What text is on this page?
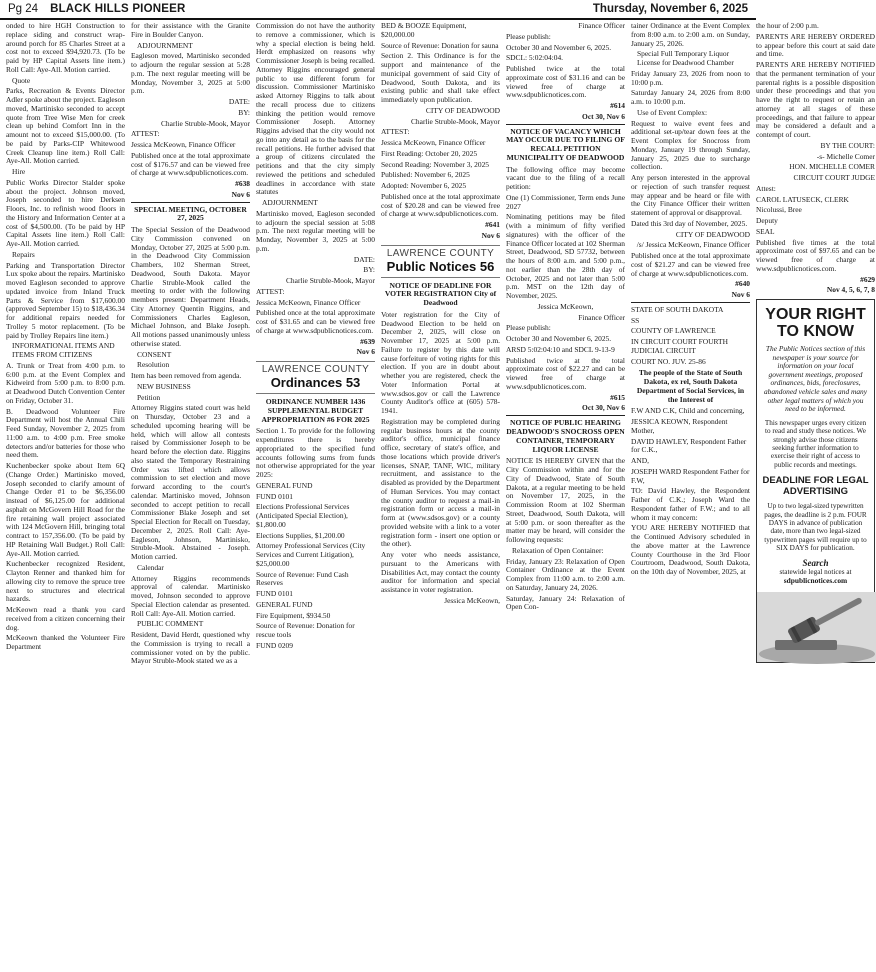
Pg 24 BLACK HILLS PIONEER	Thursday, November 6, 2025

onded to hire HGH Construction to replace siding and construct wrap-around porch for 85 Charles Street at a cost not to exceed $94,920.73. (To be paid by HP Capital Assets line item.) Roll Call: Aye-All. Motion carried.

Quote

Parks, Recreation & Events Director Adler spoke about the project. Eagleson moved, Martinisko seconded to accept quote from Tree Wise Men for creek clean up behind Comfort Inn in the amount not to exceed $15,000.00. (To be paid by Parks-CIP Whitewood Creek Cleanup line item.) Roll Call: Aye-All. Motion carried.

Hire

Public Works Director Stalder spoke about the project. Johnson moved, Joseph seconded to hire Derksen Floors, Inc. to refinish wood floors in the History and Information Center at a cost of $4,500.00. (To be paid by HP Capital Assets line item.) Roll Call: Aye-All. Motion carried.

Repairs

Parking and Transportation Director Lux spoke about the repairs. Martinisko moved Eagleson seconded to approve updated invoice from Inland Truck Parts & Service from $17,600.00 (approved September 15) to $18,436.34 for additional repairs needed for Trolley 5 motor replacement. (To be paid by Trolley Repairs line item.)

INFORMATIONAL ITEMS AND ITEMS FROM CITIZENS

A. Trunk or Treat from 4:00 p.m. to 6:00 p.m. at the Event Complex and Kidweird from 5:00 p.m. to 8:00 p.m. at Deadwood Dutch Convention Center on Friday, October 31.

B. Deadwood Volunteer Fire Department will host the Annual Chili Feed Sunday, November 2, 2025 from 11:00 a.m. to 4:00 p.m. Free smoke detectors and/or batteries for those who need them.

Kuchenbecker spoke about Item 6Q (Change Order.) Martinisko moved, Joseph seconded to clarify amount of Change Order #1 to be $6,356.00 instead of $6,125.00 for additional asphalt on McGovern Hill Road for the fire retaining wall project associated with 124 McGovern Hill, bringing total contract to 157,356.00. (To be paid by HP Retaining Wall Budget.) Roll Call: Aye-All. Motion carried.

Kuchenbecker recognized Resident, Clayton Renner and thanked him for allowing city to remove the spruce tree next to structures and electrical hazards.

McKeown read a thank you card received from a citizen concerning their dog.

McKeown thanked the Volunteer Fire Department

for their assistance with the Granite Fire in Boulder Canyon.

ADJOURNMENT

Eagleson moved, Martinisko seconded to adjourn the regular session at 5:28 p.m. The next regular meeting will be Monday, November 3, 2025 at 5:00 p.m.

DATE:

BY:

Charlie Struble-Mook, Mayor

ATTEST:

Jessica McKeown, Finance Officer

Published once at the total approximate cost of $176.57 and can be viewed free of charge at www.sdpublicnotices.com.

#638

Nov 6

SPECIAL MEETING, OCTOBER 27, 2025

The Special Session of the Deadwood City Commission convened on Monday, October 27, 2025 at 5:00 p.m. in the Deadwood City Commission Chambers, 102 Sherman Street, Deadwood, South Dakota. Mayor Charlie Struble-Mook called the meeting to order with the following members present: Department Heads, City Attorney Quentin Riggins, and Commissioners Charles Eagleson, Michael Johnson, and Blake Joseph. All motions passed unanimously unless otherwise stated.

CONSENT

Resolution

Item has been removed from agenda.

NEW BUSINESS

Petition

Attorney Riggins stated court was held on Thursday, October 23 and a scheduled upcoming hearing will be held, which will allow all contests raised by Commissioner Joseph to be heard before the election date. Riggins also stated the Temporary Restraining Order was lifted which allows commission to set election and move forward according to the court's calendar. Martinisko moved, Johnson seconded to accept petition to recall Commissioner Blake Joseph and set Special Election for Recall on Tuesday, December 2, 2025. Roll Call: Aye-Eagleson, Johnson, Martinisko, Struble-Mook. Abstained - Joseph. Motion carried.

Calendar

Attorney Riggins recommends approval of calendar. Martinisko moved, Johnson seconded to approve Special Election calendar as presented. Roll Call: Aye-All. Motion carried.

PUBLIC COMMENT

Resident, David Herdt, questioned why the Commission is trying to recall a commissioner voted on by the public. Mayor Struble-Mook stated we as a

Commission do not have the authority to remove a commissioner, which is why a special election is being held. Herdt emphasized on reasons why Commissioner Joseph is being recalled. Attorney Riggins encouraged general public to use different forum for discussion. Commissioner Martinisko asked Attorney Riggins to talk about the recall process due to citizens thinking the petition would remove Commissioner Joseph. Attorney Riggins advised that the city would not go into any detail as to the basis for the recall petitions. He further advised that a group of citizens circulated the petitions and that the city simply reviewed the petitions and scheduled deadlines in accordance with state statutes

ADJOURNMENT

Martinisko moved, Eagleson seconded to adjourn the special session at 5:08 p.m. The next regular meeting will be Monday, November 3, 2025 at 5:00 p.m.

DATE:

BY:

Charlie Struble-Mook, Mayor

ATTEST:

Jessica McKeown, Finance Officer

Published once at the total approximate cost of $31.65 and can be viewed free of charge at www.sdpublicnotices.com.

#639

Nov 6

LAWRENCE COUNTY
Ordinances 53

ORDINANCE NUMBER 1436 SUPPLEMENTAL BUDGET APPROPRIATION #6 FOR 2025

Section 1. To provide for the following expenditures there is hereby appropriated to the specified fund accounts following sums from funds not otherwise appropriated for the year 2025:

GENERAL FUND

FUND 0101

Elections Professional Services (Anticipated Special Election), $1,800.00

Elections Supplies, $1,200.00

Attorney Professional Services (City Services and Current Litigation), $25,000.00

Source of Revenue: Fund Cash Reserves

FUND 0101

GENERAL FUND

Fire Equipment, $934.50

Source of Revenue: Donation for rescue tools

FUND 0209

BED & BOOZE Equipment, $20,000.00

Source of Revenue: Donation for sauna

Section 2. This Ordinance is for the support and maintenance of the municipal government of said City of Deadwood, South Dakota, and its existing public and shall take effect immediately upon publication.

CITY OF DEADWOOD

Charlie Struble-Mook, Mayor

ATTEST:

Jessica McKeown, Finance Officer

First Reading: October 20, 2025

Second Reading: November 3, 2025

Published: November 6, 2025

Adopted: November 6, 2025

Published once at the total approximate cost of $20.28 and can be viewed free of charge at www.sdpublicnotices.com.

#641

Nov 6

LAWRENCE COUNTY
Public Notices 56

NOTICE OF DEADLINE FOR VOTER REGISTRATION City of Deadwood

Voter registration for the City of Deadwood Election to be held on December 2, 2025, will close on November 17, 2025 at 5:00 p.m. Failure to register by this date will cause forfeiture of voting rights for this election. If you are in doubt about whether you are registered, check the Voter Information Portal at www.sdsos.gov or call the Lawrence County Auditor's office at (605) 578-1941.

Registration may be completed during regular business hours at the county auditor's office, municipal finance office, secretary of state's office, and those locations which provide driver's licenses, SNAP, TANF, WIC, military recruitment, and assistance to the disabled as provided by the Department of Human Services. You may contact the county auditor to request a mail-in registration form or access a mail-in form at (www.sdsos.gov) or a county provided website with a link to a voter registration form - insert one option or the other).

Any voter who needs assistance, pursuant to the Americans with Disabilities Act, may contact the county auditor for information and special assistance in voter registration.

Jessica McKeown,

Finance Officer

Please publish:

October 30 and November 6, 2025.

SDCL: 5:02:04:04.

Published twice at the total approximate cost of $31.16 and can be viewed free of charge at www.sdpublicnotices.com.

#614

Oct 30, Nov 6

NOTICE OF VACANCY WHICH MAY OCCUR DUE TO FILING OF RECALL PETITION MUNICIPALITY OF DEADWOOD

The following office may become vacant due to the filing of a recall petition:

One (1) Commissioner, Term ends June 2027

Nominating petitions may be filed (with a minimum of fifty verified signatures) with the officer of the Finance Officer located at 102 Sherman Street, Deadwood, SD 57732, between the hours of 8:00 a.m. and 5:00 p.m., not earlier than the 28th day of October, 2025 and not later than 5:00 p.m. MST on the 12th day of November, 2025.

Jessica McKeown,

Finance Officer

Please publish:

October 30 and November 6, 2025.

ARSD 5:02:04:10 and SDCL 9-13-9

Published twice at the total approximate cost of $22.27 and can be viewed free of charge at www.sdpublicnotices.com.

#615

Oct 30, Nov 6

NOTICE OF PUBLIC HEARING DEADWOOD'S SNOCROSS OPEN CONTAINER, TEMPORARY LIQUOR LICENSE

NOTICE IS HEREBY GIVEN that the City Commission within and for the City of Deadwood, State of South Dakota, at a regular meeting to be held on November 17, 2025, in the Commission Room at 102 Sherman Street, Deadwood, South Dakota, will at 5:00 p.m. or soon thereafter as the matter may be heard, will consider the following requests:

Relaxation of Open Container:

Friday, January 23: Relaxation of Open Container Ordinance at the Event Complex from 11:00 a.m. to 2:00 a.m. on Saturday, January 24, 2026.

Saturday, January 24: Relaxation of Open Con-

tainer Ordinance at the Event Complex from 8:00 a.m. to 2:00 a.m. on Sunday, January 25, 2026.

Special Full Temporary Liquor License for Deadwood Chamber

Friday January 23, 2026 from noon to 10:00 p.m.

Saturday January 24, 2026 from 8:00 a.m. to 10:00 p.m.

Use of Event Complex:

Request to waive event fees and additional set-up/tear down fees at the Event Complex for Snocross from Monday, January 19 through Sunday, January 25, 2025 due to surcharge collection.

Any person interested in the approval or rejection of such transfer request may appear and be heard or file with the City Finance Officer their written statement of approval or disapproval.

Dated this 3rd day of November, 2025.

CITY OF DEADWOOD

/s/ Jessica McKeown, Finance Officer

Published once at the total approximate cost of $21.27 and can be viewed free of charge at www.sdpublicnotices.com.

#640

Nov 6

STATE OF SOUTH DAKOTA

SS

COUNTY OF LAWRENCE

IN CIRCUIT COURT FOURTH JUDICIAL CIRCUIT

COURT NO. JUV. 25-86

The people of the State of South Dakota, ex rel, South Dakota Department of Social Services, in the Interest of

F.W AND C.K, Child and concerning,

JESSICA KEOWN, Respondent Mother,

DAVID HAWLEY, Respondent Father for C.K.,

AND,

JOSEPH WARD Respondent Father for F.W,

TO: David Hawley, the Respondent Father of C.K.; Joseph Ward the Respondent father of F.W.; and to all whom it may concern:

YOU ARE HEREBY NOTIFIED that the Continued Advisory scheduled in the above matter at the Lawrence County Courthouse in the 3rd Floor Courtroom, Deadwood, South Dakota, on the 10th day of November, 2025, at

the hour of 2:00 p.m.

PARENTS ARE HEREBY ORDERED to appear before this court at said date and time.

PARENTS ARE HEREBY NOTIFIED that the permanent termination of your parental rights is a possible disposition under these proceedings and that you have the right to request or retain an attorney at all stages of these proceedings, and that failure to appear may be considered a default and a contempt of court.

BY THE COURT:

-s- Michelle Comer

HON. MICHELLE COMER

CIRCUIT COURT JUDGE

Attest:

CAROL LATUSECK, CLERK

Nicolussi, Bree

Deputy

SEAL

Published five times at the total approximate cost of $97.65 and can be viewed free of charge at www.sdpublicnotices.com.

#629

Nov 4, 5, 6, 7, 8

YOUR RIGHT TO KNOW
The Public Notices section of this newspaper is your source for information on your local government meetings, proposed ordinances, bids, foreclosures, abandoned vehicle sales and many other legal matters of which you need to be informed.
This newspaper urges every citizen to read and study these notices. We strongly advise those citizens seeking further information to exercise their right of access to public records and meetings.
DEADLINE FOR LEGAL ADVERTISING
Up to two legal-sized typewritten pages, the deadline is 2 p.m. FOUR DAYS in advance of publication date, more than two legal-sized typewritten pages will require up to SIX DAYS for publication.
Search
statewide legal notices at
sdpublicnotices.com
